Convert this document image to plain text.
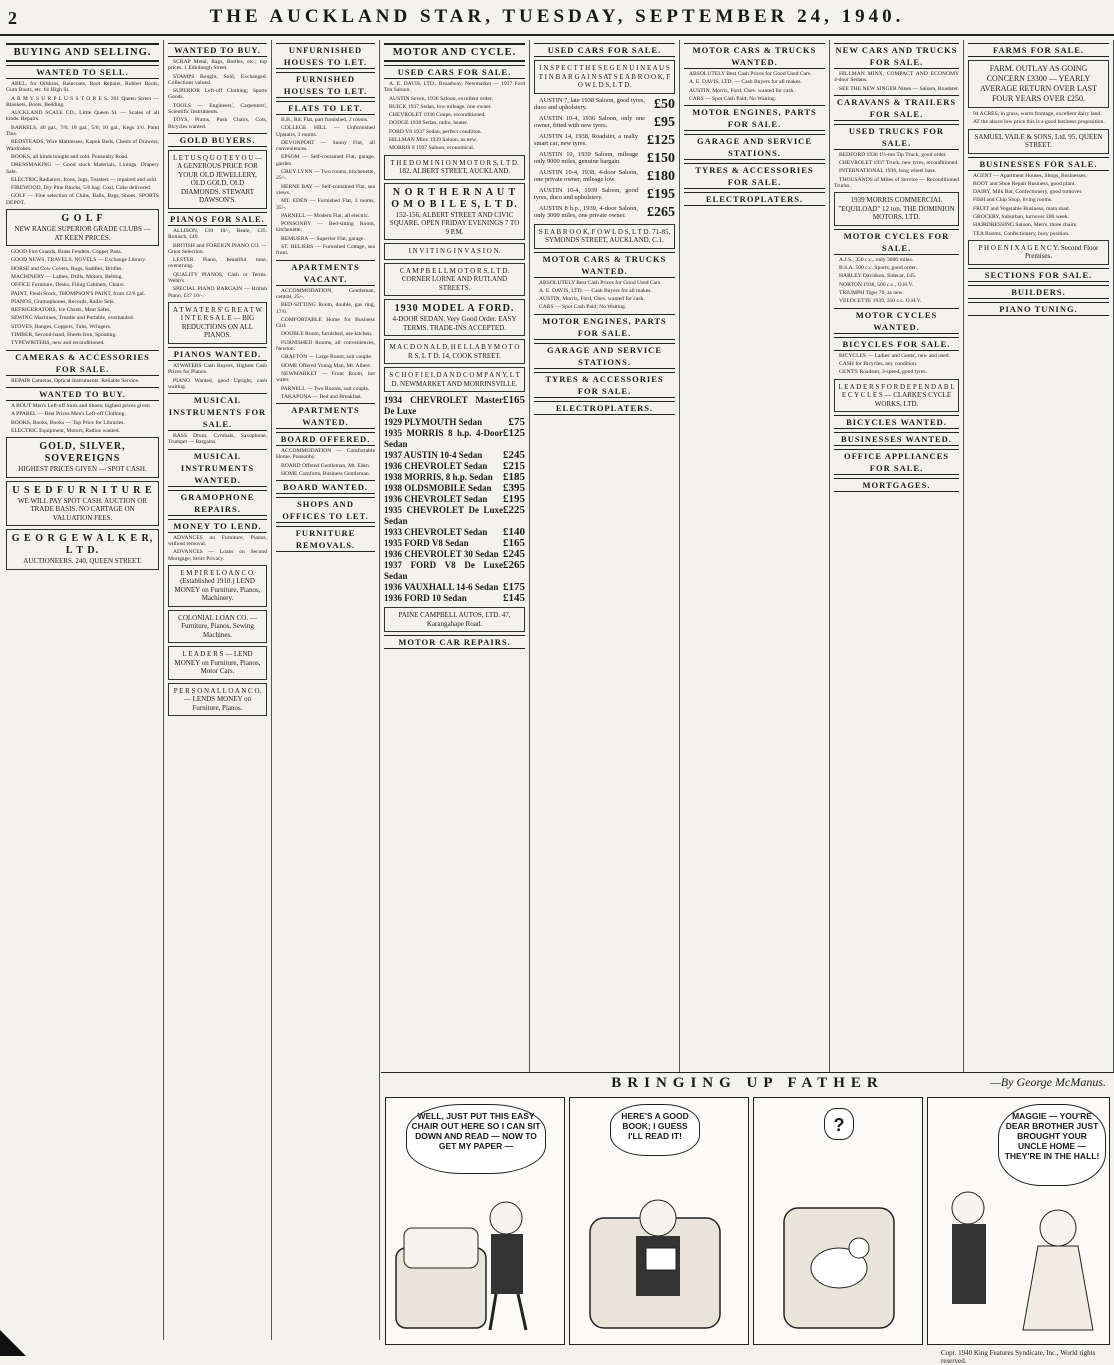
2	THE AUCKLAND STAR, TUESDAY, SEPTEMBER 24, 1940.
BUYING AND SELLING.
WANTED TO SELL.

ABEL, for Oilskins, Raincoats, Boot Repairs, Rubber Boots, Gum Boots, etc. 61 High St.

A R M Y S U R P L U S S T O R E S. 261 Queen Street — Blankets, Boots, Bedding.

AUCKLAND SCALE CO., Little Queen St. — Scales of all kinds. Repairs.

BARRELS, 40 gal., 7/6; 18 gal., 5/6; 10 gal., Kegs 3/6. Paint Tins.

BEDSTEADS, Wire Mattresses, Kapok Beds, Chests of Drawers, Wardrobes.

BOOKS, all kinds bought and sold. Ponsonby Road.

DRESSMAKING — Good stock Materials, Linings. Drapery Sale.

ELECTRIC Radiators, Irons, Jugs, Toasters — repaired and sold.

FIREWOOD, Dry Pine Blocks, 5/6 bag. Coal, Coke delivered.

GOLF — Fine selection of Clubs, Balls, Bags, Shoes. SPORTS DEPOT.

G O L F
NEW RANGE SUPERIOR GRADE CLUBS — AT KEEN PRICES.

GOOD Fire Guards, Brass Fenders, Copper Pans.

GOOD NEWS, TRAVELS, NOVELS — Exchange Library.

HORSE and Cow Covers, Rugs, Saddles, Bridles.

MACHINERY — Lathes, Drills, Motors, Belting.

OFFICE Furniture, Desks, Filing Cabinets, Chairs.

PAINT, Fresh Stock, THOMPSON'S PAINT, from 12/6 gal.

PIANOS, Gramophones, Records, Radio Sets.

REFRIGERATORS, Ice Chests, Meat Safes.

SEWING Machines, Treadle and Portable, overhauled.

STOVES, Ranges, Coppers, Tubs, Wringers.

TIMBER, Second-hand, Sheets Iron, Spouting.

TYPEWRITERS, new and reconditioned.

CAMERAS & ACCESSORIES FOR SALE.

REPAIR Cameras, Optical Instruments. Reliable Service.

WANTED TO BUY.

A BOUT Men's Left-off Suits and Shoes; highest prices given.

A PPAREL — Best Prices Men's Left-off Clothing.

BOOKS, Books, Books — Top Price for Libraries.

ELECTRIC Equipment, Motors, Radios wanted.

GOLD, SILVER, SOVEREIGNS
HIGHEST PRICES GIVEN — SPOT CASH.
U S E D F U R N I T U R E
WE WILL PAY SPOT CASH. AUCTION OR TRADE BASIS. NO CARTAGE ON VALUATION FEES.
G E O R G E W A L K E R, L T D.
AUCTIONEERS. 240, QUEEN STREET.
WANTED TO BUY.

SCRAP Metal, Rags, Bottles, etc.; top prices. 1 Edinburgh Street.

STAMPS Bought, Sold, Exchanged. Collections valued.

SUPERIOR Left-off Clothing; Sports Goods.

TOOLS — Engineers', Carpenters', Scientific Instruments.

TOYS, Prams, Push Chairs, Cots, Bicycles wanted.

GOLD BUYERS.
L E T U S Q U O T E Y O U — A GENEROUS PRICE FOR YOUR OLD JEWELLERY, OLD GOLD, OLD DIAMONDS. STEWART DAWSON'S.
PIANOS FOR SALE.

ALLISON, £10 10/-, Beale, £35. Ronisch, £49.

BRITISH and FOREIGN PIANO CO. — Great Selection.

LESTER Piano, beautiful tone, overstrung.

QUALITY PIANOS, Cash or Terms. Webb's.

SPECIAL PIANO BARGAIN — British Piano, £37 10/-.

A T W A T E R S' G R E A T W I N T E R S A L E — BIG REDUCTIONS ON ALL PIANOS.
PIANOS WANTED.

ATWATERS Cash Buyers, Highest Cash Prices for Pianos.

PIANO Wanted, good Upright, cash waiting.

MUSICAL INSTRUMENTS FOR SALE.

BASS Drum, Cymbals, Saxophone, Trumpet — Bargains.

MUSICAL INSTRUMENTS WANTED.
GRAMOPHONE REPAIRS.
MONEY TO LEND.

ADVANCES on Furniture, Pianos, without removal.

ADVANCES — Loans on Second Mortgage; Strict Privacy.

E M P I R E L O A N C O. (Established 1910.) LEND MONEY on Furniture, Pianos, Machinery.
COLONIAL LOAN CO. — Furniture, Pianos, Sewing Machines.
L E A D E R S — LEND MONEY on Furniture, Pianos, Motor Cars.
P E R S O N A L L O A N C O. — LENDS MONEY on Furniture, Pianos.
UNFURNISHED HOUSES TO LET.
FURNISHED HOUSES TO LET.
FLATS TO LET.

B.B., Rd. Flat, part furnished, 2 rooms.

COLLEGE HILL — Unfurnished Upstairs, 3 rooms.

DEVONPORT — Sunny Flat, all conveniences.

EPSOM — Self-contained Flat, garage, garden.

GREY LYNN — Two rooms, kitchenette, 25/-.

HERNE BAY — Self-contained Flat, sea views.

MT. EDEN — Furnished Flat, 3 rooms, 35/-.

PARNELL — Modern Flat, all electric.

PONSONBY — Bed-sitting Room, kitchenette.

REMUERA — Superior Flat, garage.

ST. HELIERS — Furnished Cottage, sea front.

APARTMENTS VACANT.

ACCOMMODATION, Gentleman, central, 25/-.

BED-SITTING Room, double, gas ring, 17/6.

COMFORTABLE Home for Business Girl.

DOUBLE Room, furnished, use kitchen.

FURNISHED Rooms, all conveniences, Newton.

GRAFTON — Large Room, suit couple.

HOME Offered Young Man, Mt. Albert.

NEWMARKET — Front Room, hot water.

PARNELL — Two Rooms, suit couple.

TAKAPUNA — Bed and Breakfast.

APARTMENTS WANTED.
BOARD OFFERED.

ACCOMMODATION — Comfortable Home, Ponsonby.

BOARD Offered Gentleman, Mt. Eden.

HOME Comforts, Business Gentleman.

BOARD WANTED.
SHOPS AND OFFICES TO LET.
FURNITURE REMOVALS.
MOTOR AND CYCLE.
USED CARS FOR SALE.

A. E. DAVIS, LTD., Broadway, Newmarket — 1937 Ford Ten Saloon.

AUSTIN Seven, 1936 Saloon, excellent order.

BUICK 1937 Sedan, low mileage, one owner.

CHEVROLET 1936 Coupe, reconditioned.

DODGE 1938 Sedan, radio, heater.

FORD V8 1937 Sedan, perfect condition.

HILLMAN Minx 1939 Saloon, as new.

MORRIS 8 1937 Saloon, economical.

T H E D O M I N I O N M O T O R S, L T D. 182, ALBERT STREET, AUCKLAND.
N O R T H E R N A U T O M O B I L E S, L T D.
152-156, ALBERT STREET AND CIVIC SQUARE. OPEN FRIDAY EVENINGS 7 TO 9 P.M.
I N V I T I N G I N V A S I O N.
C A M P B E L L M O T O R S, L T D. CORNER LORNE AND RUTLAND STREETS.
1930 MODEL A FORD.
4-DOOR SEDAN. Very Good Order. EASY TERMS. TRADE-INS ACCEPTED.
M A C D O N A L D, H E L L A B Y M O T O R S, L T D. 14, COOK STREET.
S C H O F I E L D A N D C O M P A N Y, L T D. NEWMARKET AND MORRINSVILLE.
1934 CHEVROLET Master De Luxe
£165
1929 PLYMOUTH Sedan £75
1935 MORRIS 8 h.p. 4-Door Sedan
£125
1937 AUSTIN 10-4 Sedan £245
1936 CHEVROLET Sedan £215
1938 MORRIS, 8 h.p. Sedan £185
1938 OLDSMOBILE Sedan £395
1936 CHEVROLET Sedan £195
1935 CHEVROLET De Luxe Sedan
£225
1933 CHEVROLET Sedan £140
1935 FORD V8 Sedan	£165
1936 CHEVROLET 30 Sedan £245
1937 FORD V8 De Luxe Sedan
£265
1936 VAUXHALL 14-6 Sedan £175
1936 FORD 10 Sedan	£145
PAINE CAMPBELL AUTOS, LTD. 47, Karangahape Road.
MOTOR CAR REPAIRS.
USED CARS FOR SALE.
I N S P E C T T H E S E G E N U I N E A U S T I N B A R G A I N S AT S E A B R O O K, F O W L D S, L T D.
£50
AUSTIN 7, late 1938 Saloon, good tyres, duco and upholstery.
£95
AUSTIN 10-4, 1936 Saloon, only one owner, fitted with new tyres.
£125
AUSTIN 14, 1938, Roadster, a really smart car, new tyres.
£150
AUSTIN 10, 1939 Saloon, mileage only 9000 miles, genuine bargain.
£180
AUSTIN 10-4, 1938, 4-door Saloon, one private owner, mileage low.
£195
AUSTIN 10-4, 1939 Saloon, good tyres, duco and upholstery.
£265
AUSTIN 8 h.p., 1939, 4-door Saloon, only 3000 miles, one private owner.
S E A B R O O K, F O W L D S, L T D. 71-85, SYMONDS STREET, AUCKLAND, C.1.
MOTOR CARS & TRUCKS WANTED.

ABSOLUTELY Best Cash Prices for Good Used Cars.

A. E. DAVIS, LTD. — Cash Buyers for all makes.

AUSTIN, Morris, Ford, Chev. wanted for cash.

CARS — Spot Cash Paid; No Waiting.

MOTOR ENGINES, PARTS FOR SALE.
GARAGE AND SERVICE STATIONS.
TYRES & ACCESSORIES FOR SALE.
ELECTROPLATERS.
NEW CARS AND TRUCKS FOR SALE.

HILLMAN MINX, COMPACT AND ECONOMY 4-door Sedans.

SEE THE NEW SINGER Nines — Saloon, Roadster.

CARAVANS & TRAILERS FOR SALE.
USED TRUCKS FOR SALE.

BEDFORD 1936 1½-ton Tip Truck, good order.

CHEVROLET 1937 Truck, new tyres, reconditioned.

INTERNATIONAL 1936, long wheel base.

THOUSANDS of Miles of Service — Reconditioned Trucks.

1939 MORRIS COMMERCIAL "EQUILOAD" 12 ton. THE DOMINION MOTORS, LTD.
MOTOR CYCLES FOR SALE.

A.J.S., 350 c.c., only 3000 miles.

B.S.A. 500 c.c. Sports, good order.

HARLEY Davidson, Sidecar, £45.

NORTON 1938, 500 c.c., O.H.V.

TRIUMPH Tiger 70, as new.

VELOCETTE 1939, 350 c.c. O.H.V.

MOTOR CYCLES WANTED.
BICYCLES FOR SALE.

BICYCLES — Ladies' and Gents', new and used.

CASH for Bicycles, any condition.

GENT'S Roadster, 3-speed, good tyres.

L E A D E R S F O R D E P E N D A B L E C Y C L E S — CLARKE'S CYCLE WORKS, LTD.
BICYCLES WANTED.
BUSINESSES WANTED.
OFFICE APPLIANCES FOR SALE.
MORTGAGES.
FARMS FOR SALE.
FARM. OUTLAY AS GOING CONCERN £3300 — YEARLY AVERAGE RETURN OVER LAST FOUR YEARS OVER £250.

94 ACRES, in grass, warm frontage, excellent dairy land.

AT the above low price this is a good business proposition.

SAMUEL VAILE & SONS, Ltd. 95, QUEEN STREET.
BUSINESSES FOR SALE.

AGENT — Apartment Houses, Shops, Businesses.

BOOT and Shoe Repair Business, good plant.

DAIRY, Milk Bar, Confectionery, good turnover.

FISH and Chip Shop, living rooms.

FRUIT and Vegetable Business, main road.

GROCERY, Suburban, turnover £80 week.

HAIRDRESSING Saloon, Men's, three chairs.

TEA Rooms, Confectionery, busy position.

P H O E N I X A G E N C Y. Second Floor Premises.
SECTIONS FOR SALE.
BUILDERS.
PIANO TUNING.
MOTOR CARS & TRUCKS WANTED.

ABSOLUTELY Best Cash Prices for Good Used Cars.

A. E. DAVIS, LTD. — Cash Buyers for all makes.

AUSTIN, Morris, Ford, Chev. wanted for cash.

CARS — Spot Cash Paid; No Waiting.

MOTOR ENGINES, PARTS FOR SALE.
GARAGE AND SERVICE STATIONS.
TYRES & ACCESSORIES FOR SALE.
ELECTROPLATERS.
BRINGING UP FATHER	—By George McManus.
WELL, JUST PUT THIS EASY CHAIR OUT HERE SO I CAN SIT DOWN AND READ — NOW TO GET MY PAPER —
HERE'S A GOOD BOOK; I GUESS I'LL READ IT!
?	MAGGIE — YOU'RE DEAR BROTHER JUST BROUGHT YOUR UNCLE HOME — THEY'RE IN THE HALL!
Copr. 1940 King Features Syndicate, Inc., World rights reserved.
